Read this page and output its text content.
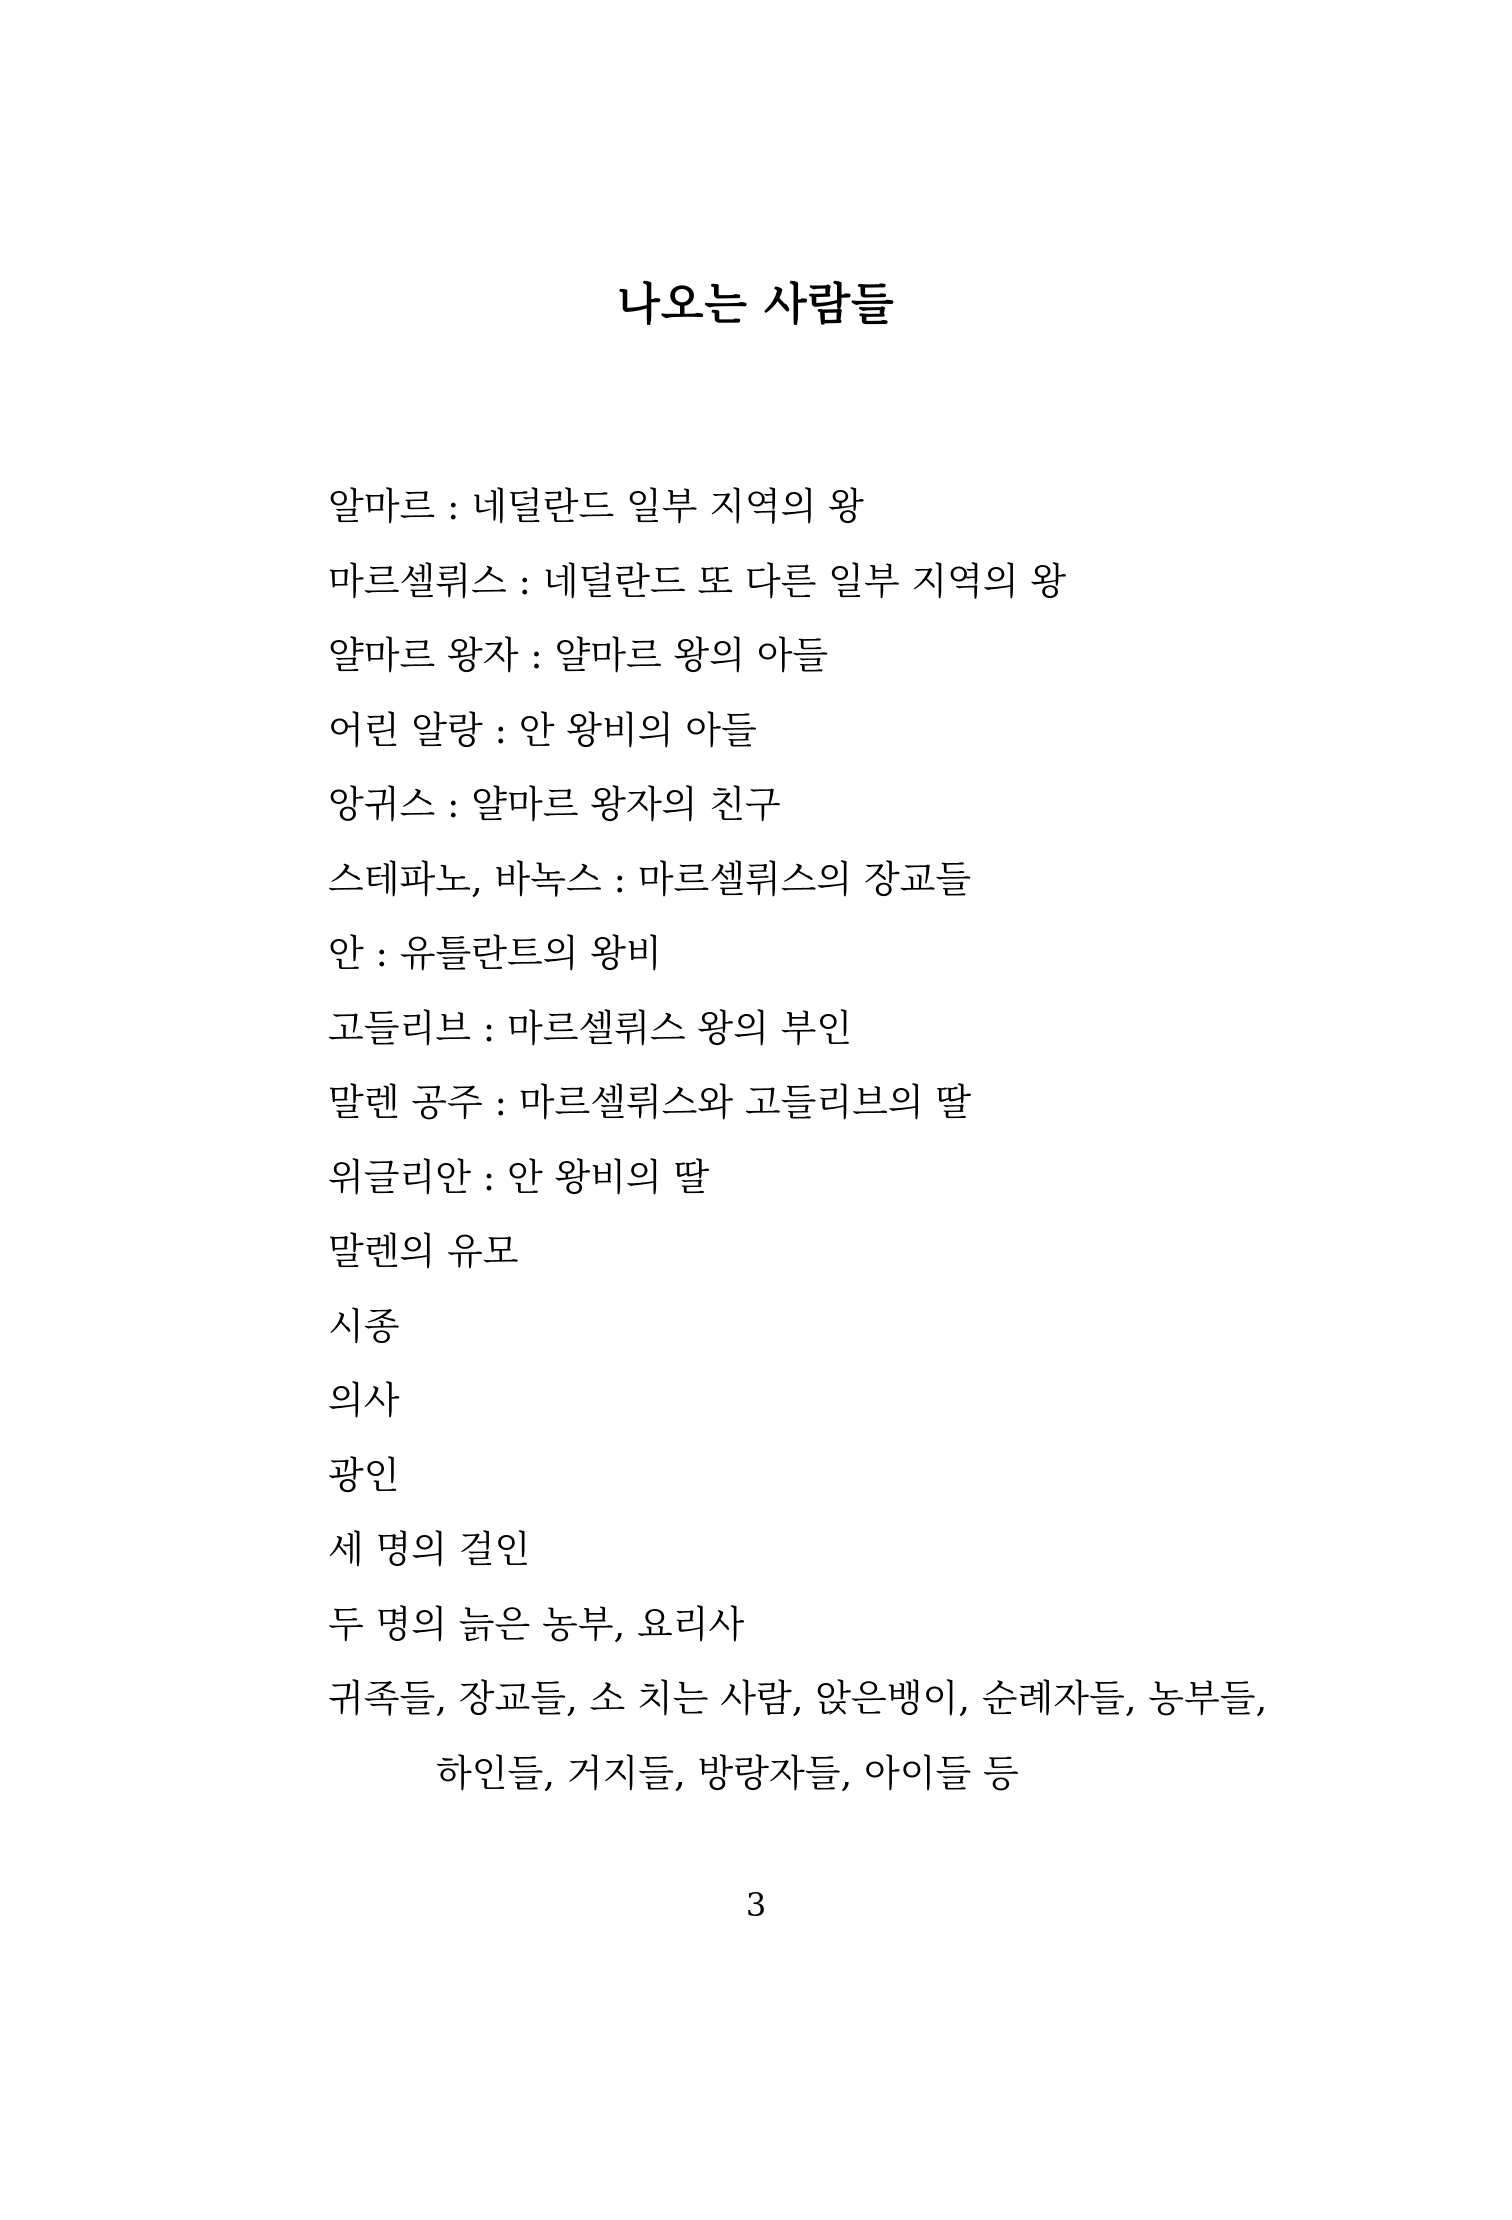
나오는 사람들
알마르 : 네덜란드 일부 지역의 왕
마르셀뤼스 : 네덜란드 또 다른 일부 지역의 왕
얄마르 왕자 : 얄마르 왕의 아들
어린 알랑 : 안 왕비의 아들
앙귀스 : 얄마르 왕자의 친구
스테파노, 바녹스 : 마르셀뤼스의 장교들
안 : 유틀란트의 왕비
고들리브 : 마르셀뤼스 왕의 부인
말렌 공주 : 마르셀뤼스와 고들리브의 딸
위글리안 : 안 왕비의 딸
말렌의 유모
시종
의사
광인
세 명의 걸인
두 명의 늙은 농부, 요리사
귀족들, 장교들, 소 치는 사람, 앉은뱅이, 순례자들, 농부들,
하인들, 거지들, 방랑자들, 아이들 등
3
